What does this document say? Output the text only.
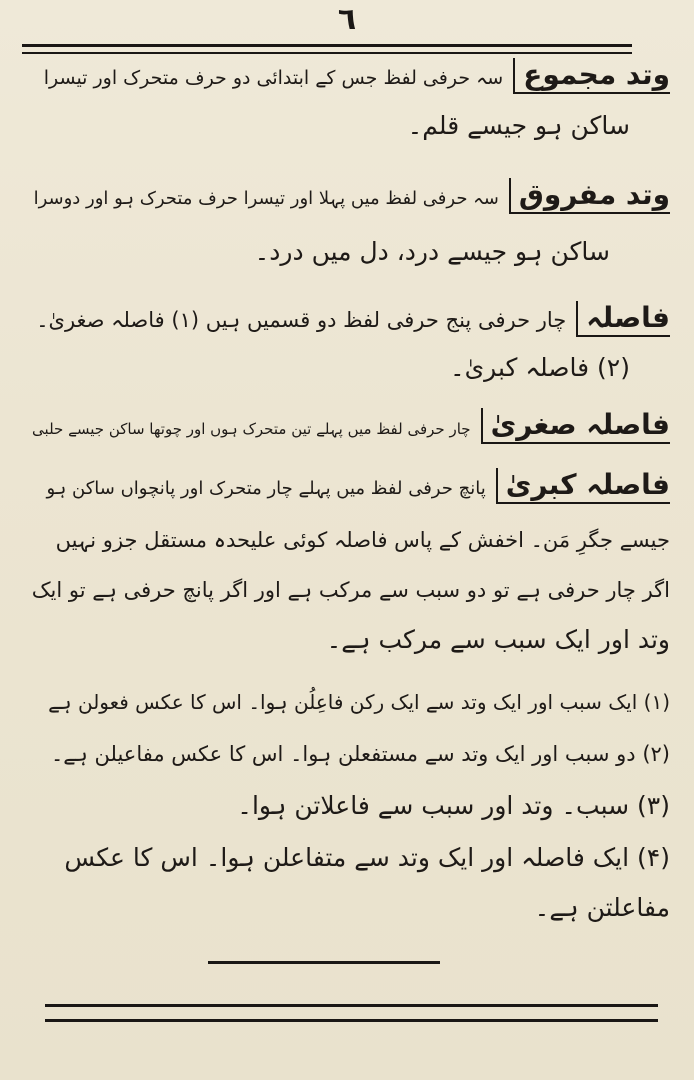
٦
وتد مجموعسہ حرفی لفظ جس کے ابتدائی دو حرف متحرک اور تیسرا
ساکن ہو جیسے قلم۔
وتد مفروقسہ حرفی لفظ میں پہلا اور تیسرا حرف متحرک ہو اور دوسرا
ساکن ہو جیسے درد، دل میں درد۔
فاصلہچار حرفی پنج حرفی لفظ دو قسمیں ہیں (۱) فاصلہ صغریٰ۔
(۲) فاصلہ کبریٰ۔
فاصلہ صغریٰچار حرفی لفظ میں پہلے تین متحرک ہوں اور چوتھا ساکن جیسے حلبی
فاصلہ کبریٰپانچ حرفی لفظ میں پہلے چار متحرک اور پانچواں ساکن ہو
جیسے جگرِ مَن۔ اخفش کے پاس فاصلہ کوئی علیحدہ مستقل جزو نہیں
اگر چار حرفی ہے تو دو سبب سے مرکب ہے اور اگر پانچ حرفی ہے تو ایک
وتد اور ایک سبب سے مرکب ہے۔
(۱) ایک سبب اور ایک وتد سے ایک رکن فاعِلُن ہوا۔ اس کا عکس فعولن ہے
(۲) دو سبب اور ایک وتد سے مستفعلن ہوا۔ اس کا عکس مفاعیلن ہے۔
(۳) سبب۔ وتد اور سبب سے فاعلاتن ہوا۔
(۴) ایک فاصلہ اور ایک وتد سے متفاعلن ہوا۔ اس کا عکس
مفاعلتن ہے۔
